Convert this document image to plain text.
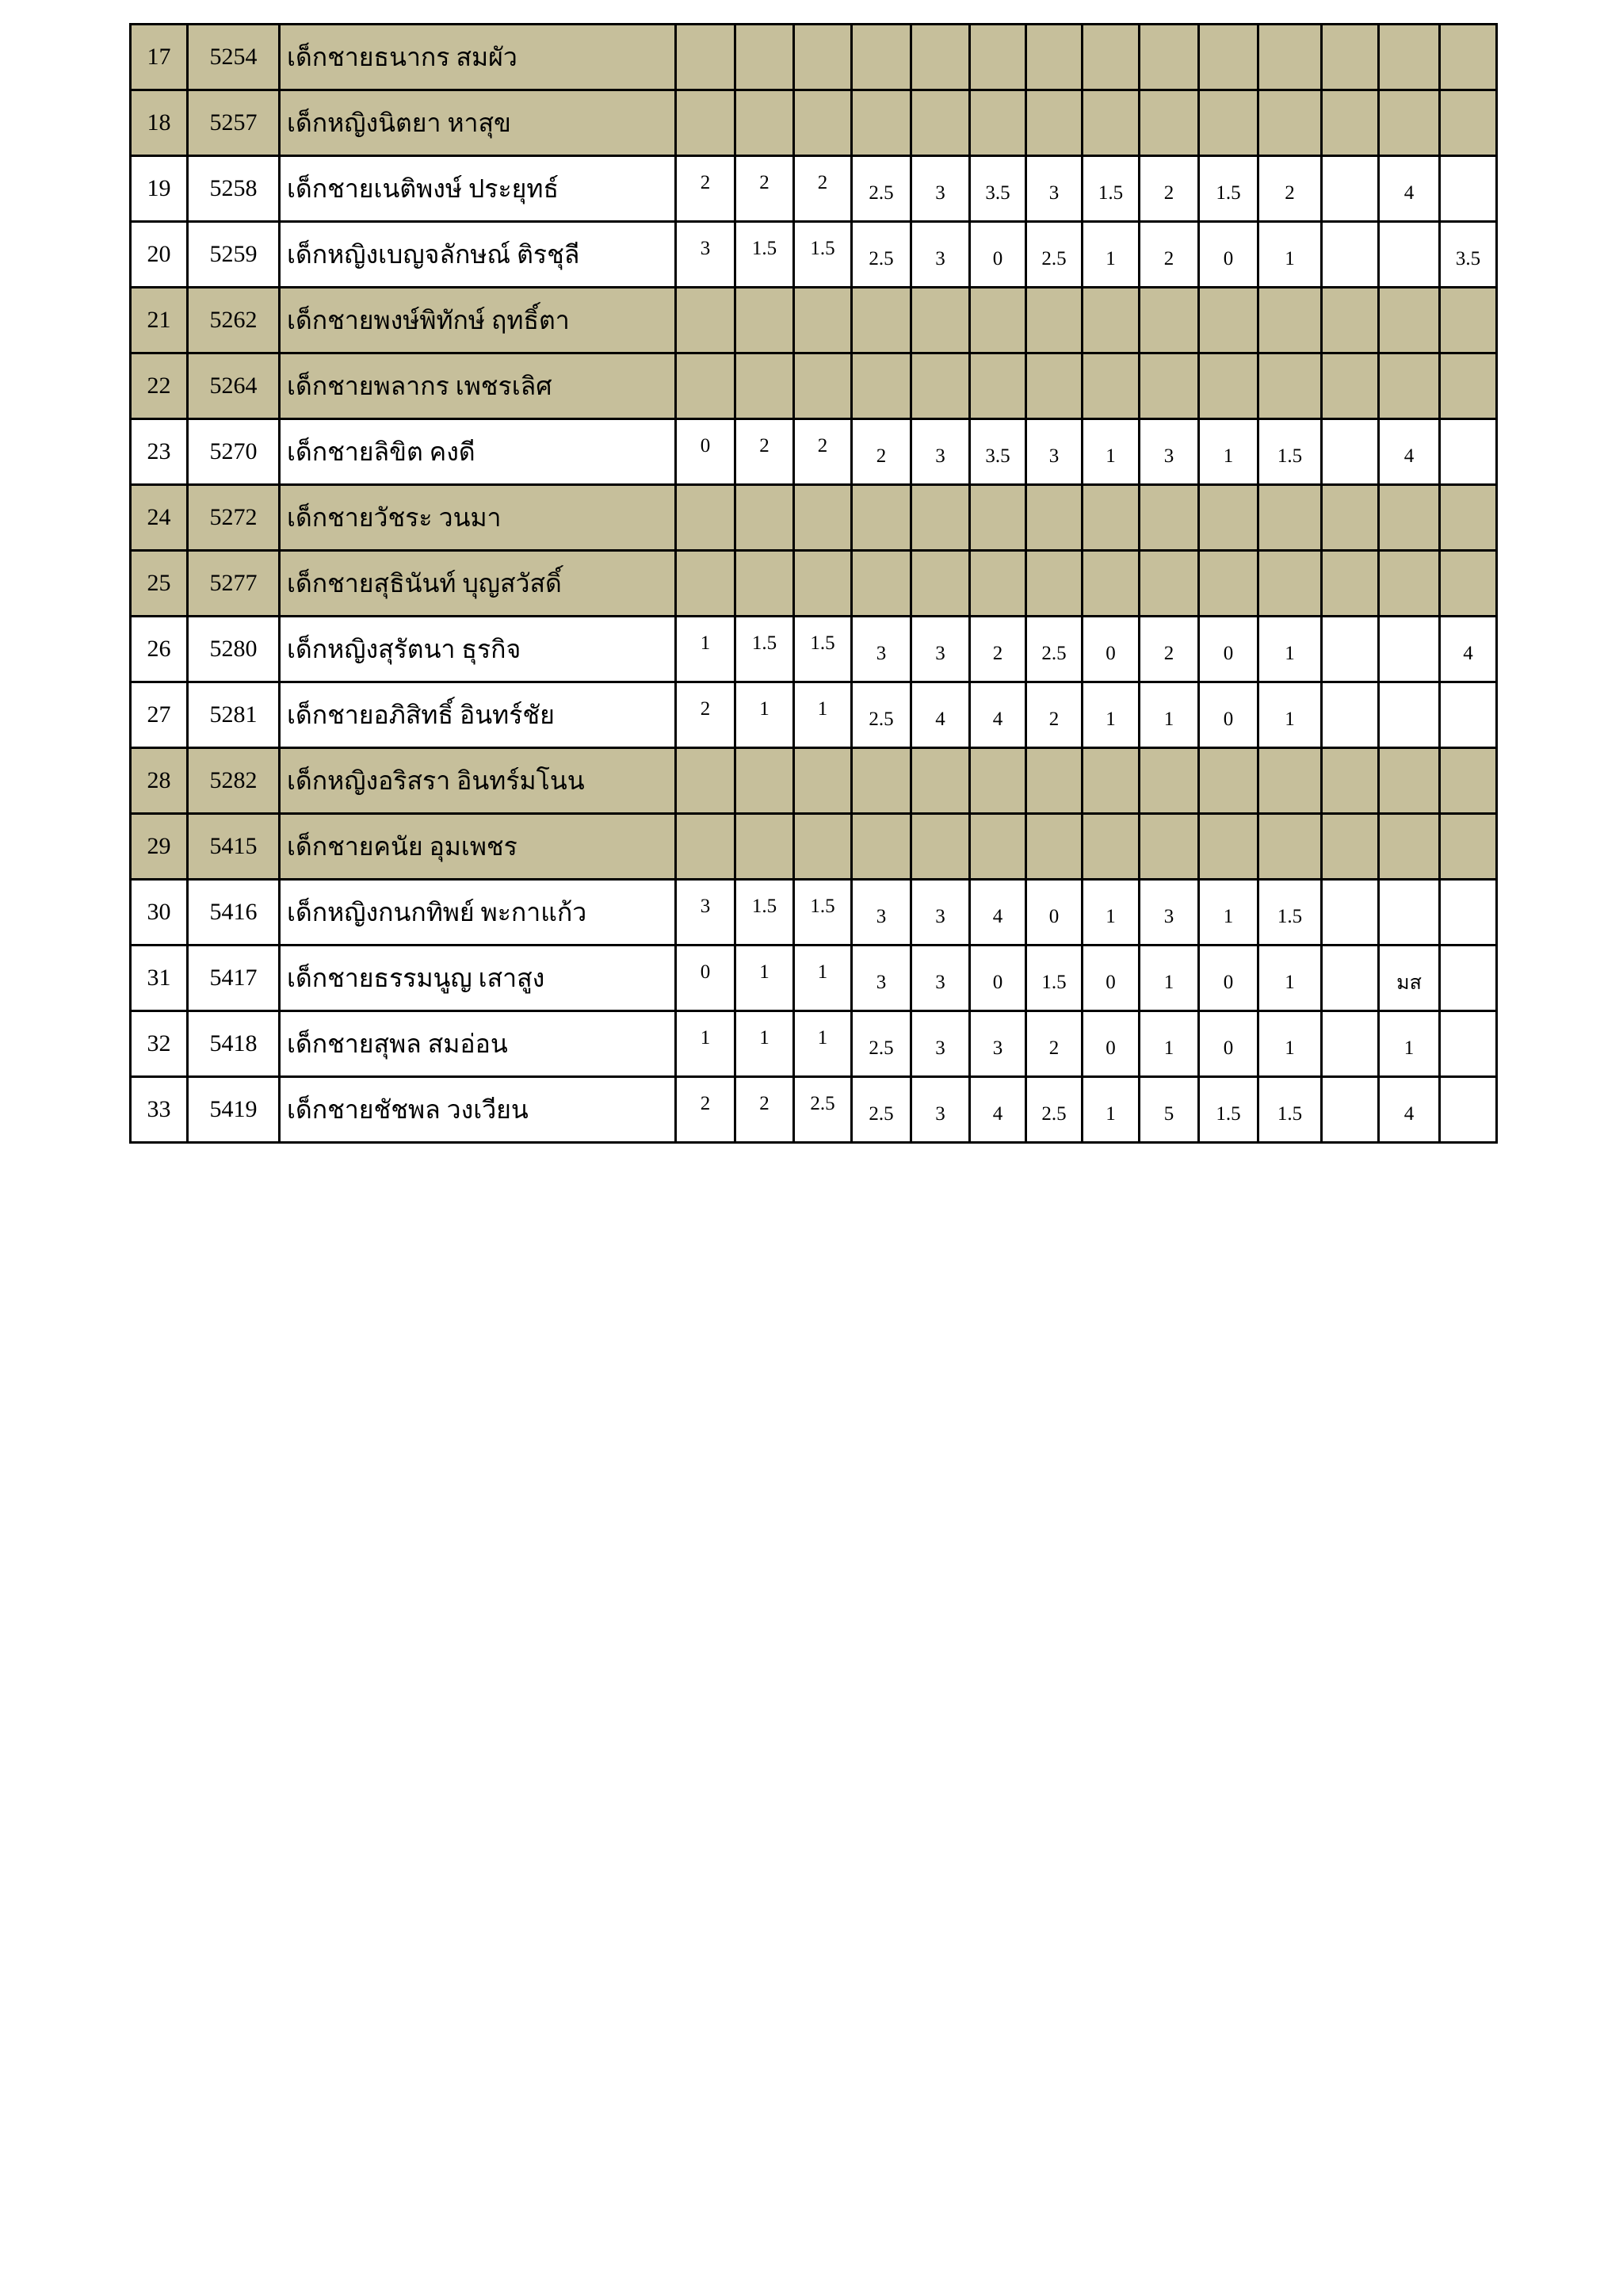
17	5254	เด็กชายธนากร สมผัว														
18	5257	เด็กหญิงนิตยา หาสุข														
19	5258	เด็กชายเนติพงษ์ ประยุทธ์	2	2	2	2.5	3	3.5	3	1.5	2	1.5	2		4	
20	5259	เด็กหญิงเบญจลักษณ์ ติรชุลี	3	1.5	1.5	2.5	3	0	2.5	1	2	0	1			3.5
21	5262	เด็กชายพงษ์พิทักษ์ ฤทธิ์ตา														
22	5264	เด็กชายพลากร เพชรเลิศ														
23	5270	เด็กชายลิขิต คงดี	0	2	2	2	3	3.5	3	1	3	1	1.5		4	
24	5272	เด็กชายวัชระ วนมา														
25	5277	เด็กชายสุธินันท์ บุญสวัสดิ์														
26	5280	เด็กหญิงสุรัตนา ธุรกิจ	1	1.5	1.5	3	3	2	2.5	0	2	0	1			4
27	5281	เด็กชายอภิสิทธิ์ อินทร์ชัย	2	1	1	2.5	4	4	2	1	1	0	1			
28	5282	เด็กหญิงอริสรา อินทร์มโนน														
29	5415	เด็กชายคนัย อุมเพชร														
30	5416	เด็กหญิงกนกทิพย์ พะกาแก้ว	3	1.5	1.5	3	3	4	0	1	3	1	1.5			
31	5417	เด็กชายธรรมนูญ เสาสูง	0	1	1	3	3	0	1.5	0	1	0	1		มส	
32	5418	เด็กชายสุพล สมอ่อน	1	1	1	2.5	3	3	2	0	1	0	1		1	
33	5419	เด็กชายชัชพล วงเวียน	2	2	2.5	2.5	3	4	2.5	1	5	1.5	1.5		4	
